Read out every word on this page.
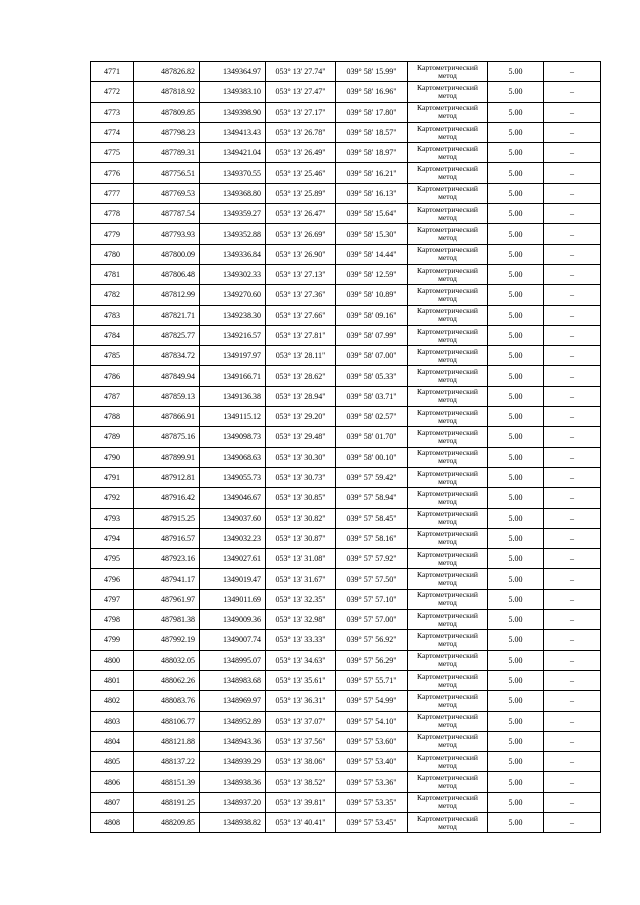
4771	487826.82	1349364.97	053° 13' 27.74"	039° 58' 15.99"	Картометрический метод	5.00	–
4772	487818.92	1349383.10	053° 13' 27.47"	039° 58' 16.96"	Картометрический метод	5.00	–
4773	487809.85	1349398.90	053° 13' 27.17"	039° 58' 17.80"	Картометрический метод	5.00	–
4774	487798.23	1349413.43	053° 13' 26.78"	039° 58' 18.57"	Картометрический метод	5.00	–
4775	487789.31	1349421.04	053° 13' 26.49"	039° 58' 18.97"	Картометрический метод	5.00	–
4776	487756.51	1349370.55	053° 13' 25.46"	039° 58' 16.21"	Картометрический метод	5.00	–
4777	487769.53	1349368.80	053° 13' 25.89"	039° 58' 16.13"	Картометрический метод	5.00	–
4778	487787.54	1349359.27	053° 13' 26.47"	039° 58' 15.64"	Картометрический метод	5.00	–
4779	487793.93	1349352.88	053° 13' 26.69"	039° 58' 15.30"	Картометрический метод	5.00	–
4780	487800.09	1349336.84	053° 13' 26.90"	039° 58' 14.44"	Картометрический метод	5.00	–
4781	487806.48	1349302.33	053° 13' 27.13"	039° 58' 12.59"	Картометрический метод	5.00	–
4782	487812.99	1349270.60	053° 13' 27.36"	039° 58' 10.89"	Картометрический метод	5.00	–
4783	487821.71	1349238.30	053° 13' 27.66"	039° 58' 09.16"	Картометрический метод	5.00	–
4784	487825.77	1349216.57	053° 13' 27.81"	039° 58' 07.99"	Картометрический метод	5.00	–
4785	487834.72	1349197.97	053° 13' 28.11"	039° 58' 07.00"	Картометрический метод	5.00	–
4786	487849.94	1349166.71	053° 13' 28.62"	039° 58' 05.33"	Картометрический метод	5.00	–
4787	487859.13	1349136.38	053° 13' 28.94"	039° 58' 03.71"	Картометрический метод	5.00	–
4788	487866.91	1349115.12	053° 13' 29.20"	039° 58' 02.57"	Картометрический метод	5.00	–
4789	487875.16	1349098.73	053° 13' 29.48"	039° 58' 01.70"	Картометрический метод	5.00	–
4790	487899.91	1349068.63	053° 13' 30.30"	039° 58' 00.10"	Картометрический метод	5.00	–
4791	487912.81	1349055.73	053° 13' 30.73"	039° 57' 59.42"	Картометрический метод	5.00	–
4792	487916.42	1349046.67	053° 13' 30.85"	039° 57' 58.94"	Картометрический метод	5.00	–
4793	487915.25	1349037.60	053° 13' 30.82"	039° 57' 58.45"	Картометрический метод	5.00	–
4794	487916.57	1349032.23	053° 13' 30.87"	039° 57' 58.16"	Картометрический метод	5.00	–
4795	487923.16	1349027.61	053° 13' 31.08"	039° 57' 57.92"	Картометрический метод	5.00	–
4796	487941.17	1349019.47	053° 13' 31.67"	039° 57' 57.50"	Картометрический метод	5.00	–
4797	487961.97	1349011.69	053° 13' 32.35"	039° 57' 57.10"	Картометрический метод	5.00	–
4798	487981.38	1349009.36	053° 13' 32.98"	039° 57' 57.00"	Картометрический метод	5.00	–
4799	487992.19	1349007.74	053° 13' 33.33"	039° 57' 56.92"	Картометрический метод	5.00	–
4800	488032.05	1348995.07	053° 13' 34.63"	039° 57' 56.29"	Картометрический метод	5.00	–
4801	488062.26	1348983.68	053° 13' 35.61"	039° 57' 55.71"	Картометрический метод	5.00	–
4802	488083.76	1348969.97	053° 13' 36.31"	039° 57' 54.99"	Картометрический метод	5.00	–
4803	488106.77	1348952.89	053° 13' 37.07"	039° 57' 54.10"	Картометрический метод	5.00	–
4804	488121.88	1348943.36	053° 13' 37.56"	039° 57' 53.60"	Картометрический метод	5.00	–
4805	488137.22	1348939.29	053° 13' 38.06"	039° 57' 53.40"	Картометрический метод	5.00	–
4806	488151.39	1348938.36	053° 13' 38.52"	039° 57' 53.36"	Картометрический метод	5.00	–
4807	488191.25	1348937.20	053° 13' 39.81"	039° 57' 53.35"	Картометрический метод	5.00	–
4808	488209.85	1348938.82	053° 13' 40.41"	039° 57' 53.45"	Картометрический метод	5.00	–
